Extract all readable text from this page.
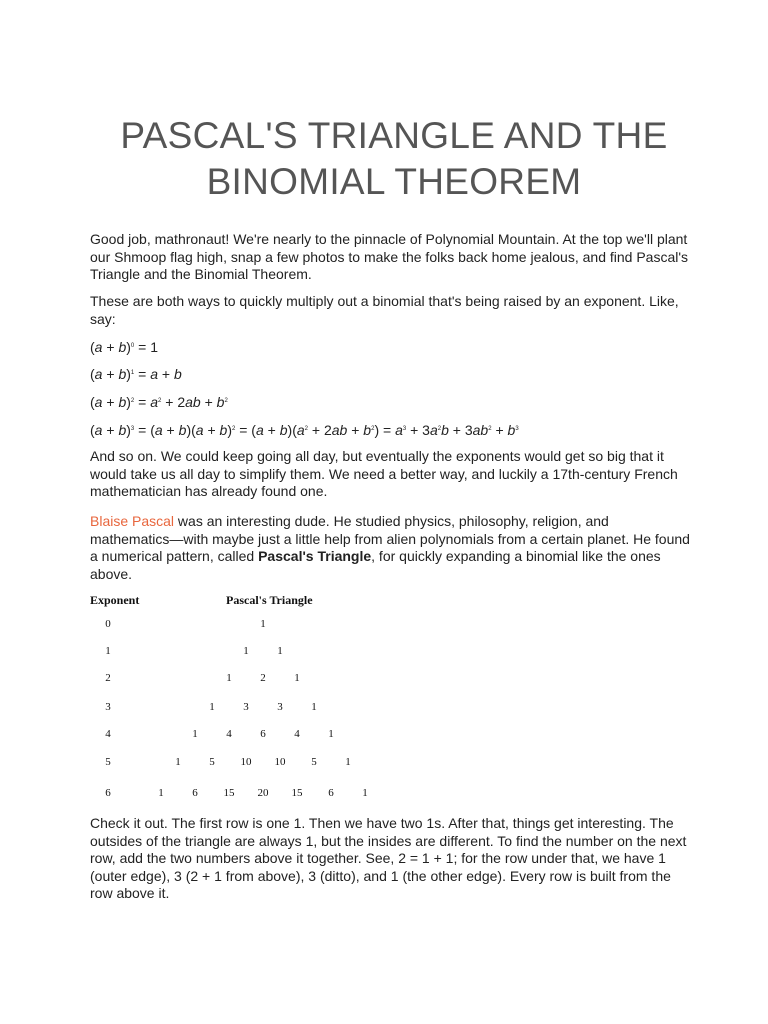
PASCAL'S TRIANGLE AND THE BINOMIAL THEOREM

Good job, mathronaut! We're nearly to the pinnacle of Polynomial Mountain. At the top we'll plant our Shmoop flag high, snap a few photos to make the folks back home jealous, and find Pascal's Triangle and the Binomial Theorem.

These are both ways to quickly multiply out a binomial that's being raised by an exponent. Like, say:

$(a + b)^0 = 1$
$(a + b)^1 = a + b$
$(a + b)^2 = a^2 + 2ab + b^2$
$(a + b)^3 = (a + b)(a + b)^2 = (a + b)(a^2 + 2ab + b^2) = a^3 + 3a^2b + 3ab^2 + b^3$

And so on. We could keep going all day, but eventually the exponents would get so big that it would take us all day to simplify them. We need a better way, and luckily a 17th-century French mathematician has already found one.

Blaise Pascal was an interesting dude. He studied physics, philosophy, religion, and mathematics—with maybe just a little help from alien polynomials from a certain planet. He found a numerical pattern, called Pascal's Triangle, for quickly expanding a binomial like the ones above.

Exponent	Pascal's Triangle
0	1
1	1	1
2	1	2	1
3	1	3	3	1
4	1	4	6	4	1
5	1	5	10	10	5	1
6	1	6	15	20	15	6	1

Check it out. The first row is one 1. Then we have two 1s. After that, things get interesting. The outsides of the triangle are always 1, but the insides are different. To find the number on the next row, add the two numbers above it together. See, 2 = 1 + 1; for the row under that, we have 1 (outer edge), 3 (2 + 1 from above), 3 (ditto), and 1 (the other edge). Every row is built from the row above it.
